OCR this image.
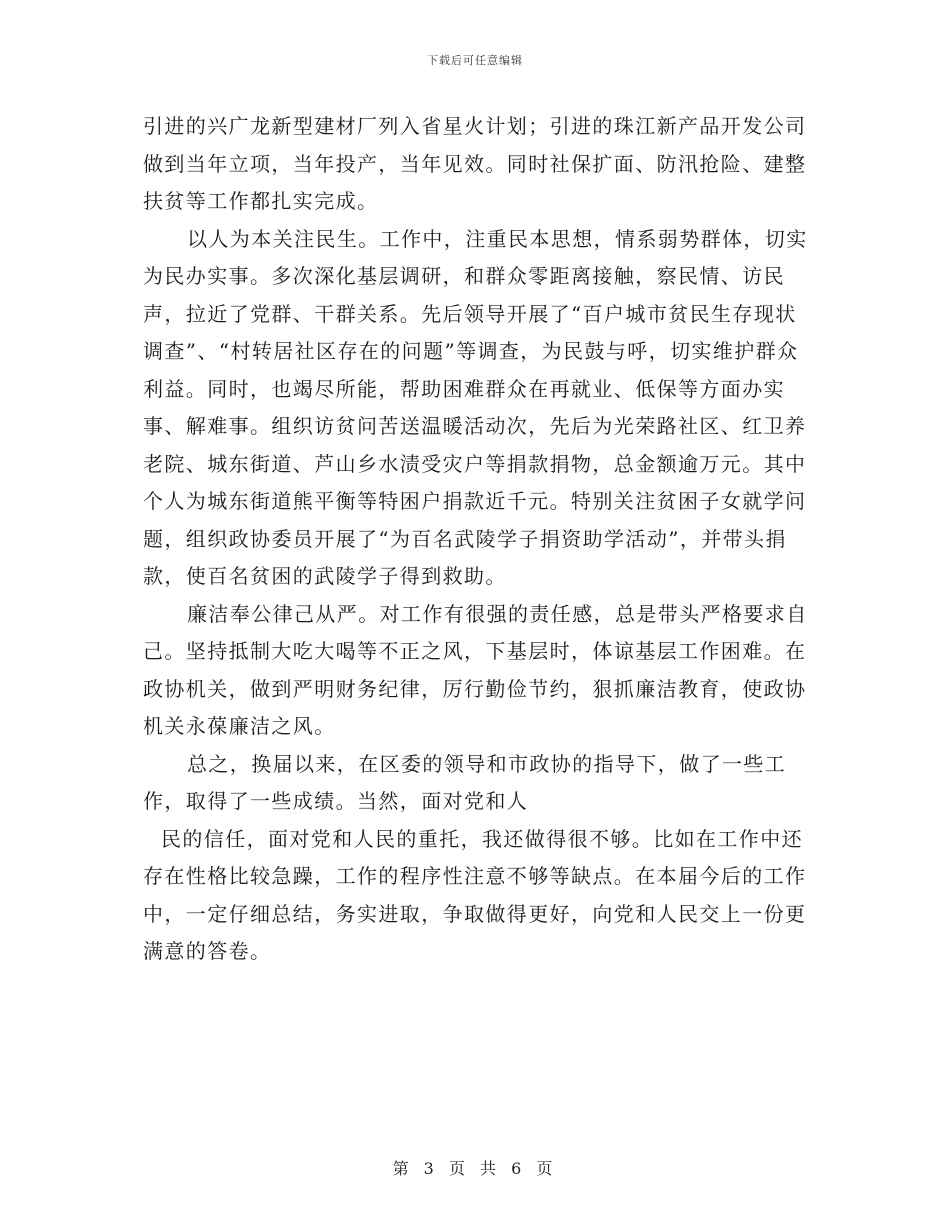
下载后可任意编辑

引进的兴广龙新型建材厂列入省星火计划；引进的珠江新产品开发公司做到当年立项，当年投产，当年见效。同时社保扩面、防汛抢险、建整扶贫等工作都扎实完成。

以人为本关注民生。工作中，注重民本思想，情系弱势群体，切实为民办实事。多次深化基层调研，和群众零距离接触，察民情、访民声，拉近了党群、干群关系。先后领导开展了“百户城市贫民生存现状调查”、“村转居社区存在的问题”等调查，为民鼓与呼，切实维护群众利益。同时，也竭尽所能，帮助困难群众在再就业、低保等方面办实事、解难事。组织访贫问苦送温暖活动次，先后为光荣路社区、红卫养老院、城东街道、芦山乡水渍受灾户等捐款捐物，总金额逾万元。其中个人为城东街道熊平衡等特困户捐款近千元。特别关注贫困子女就学问题，组织政协委员开展了“为百名武陵学子捐资助学活动”，并带头捐款，使百名贫困的武陵学子得到救助。

廉洁奉公律己从严。对工作有很强的责任感，总是带头严格要求自己。坚持抵制大吃大喝等不正之风，下基层时，体谅基层工作困难。在政协机关，做到严明财务纪律，厉行勤俭节约，狠抓廉洁教育，使政协机关永葆廉洁之风。

总之，换届以来，在区委的领导和市政协的指导下，做了一些工作，取得了一些成绩。当然，面对党和人

民的信任，面对党和人民的重托，我还做得很不够。比如在工作中还存在性格比较急躁，工作的程序性注意不够等缺点。在本届今后的工作中，一定仔细总结，务实进取，争取做得更好，向党和人民交上一份更满意的答卷。

第 3 页 共 6 页
